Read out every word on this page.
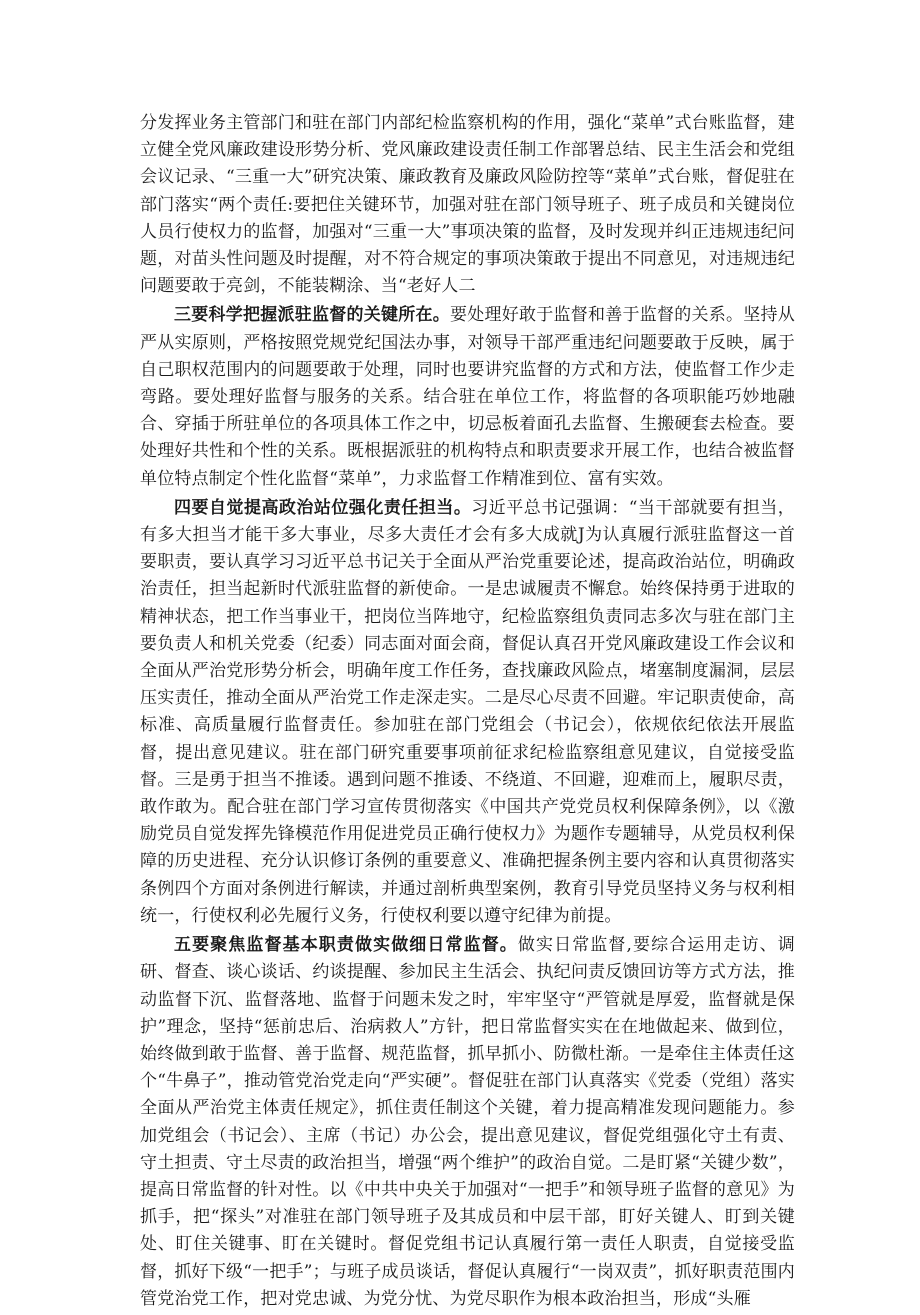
分发挥业务主管部门和驻在部门内部纪检监察机构的作用，强化“菜单”式台账监督，建立健全党风廉政建设形势分析、党风廉政建设责任制工作部署总结、民主生活会和党组会议记录、“三重一大”研究决策、廉政教育及廉政风险防控等“菜单”式台账，督促驻在部门落实“两个责任:要把住关键环节，加强对驻在部门领导班子、班子成员和关键岗位人员行使权力的监督，加强对“三重一大”事项决策的监督，及时发现并纠正违规违纪问题，对苗头性问题及时提醒，对不符合规定的事项决策敢于提出不同意见，对违规违纪问题要敢于亮剑，不能装糊涂、当“老好人二

三要科学把握派驻监督的关键所在。要处理好敢于监督和善于监督的关系。坚持从严从实原则，严格按照党规党纪国法办事，对领导干部严重违纪问题要敢于反映，属于自己职权范围内的问题要敢于处理，同时也要讲究监督的方式和方法，使监督工作少走弯路。要处理好监督与服务的关系。结合驻在单位工作，将监督的各项职能巧妙地融合、穿插于所驻单位的各项具体工作之中，切忌板着面孔去监督、生搬硬套去检查。要处理好共性和个性的关系。既根据派驻的机构特点和职责要求开展工作，也结合被监督单位特点制定个性化监督“菜单”，力求监督工作精准到位、富有实效。

四要自觉提高政治站位强化责任担当。习近平总书记强调：“当干部就要有担当，有多大担当才能干多大事业，尽多大责任才会有多大成就J为认真履行派驻监督这一首要职责，要认真学习习近平总书记关于全面从严治党重要论述，提高政治站位，明确政治责任，担当起新时代派驻监督的新使命。一是忠诚履责不懈怠。始终保持勇于进取的精神状态，把工作当事业干，把岗位当阵地守，纪检监察组负责同志多次与驻在部门主要负责人和机关党委（纪委）同志面对面会商，督促认真召开党风廉政建设工作会议和全面从严治党形势分析会，明确年度工作任务，查找廉政风险点，堵塞制度漏洞，层层压实责任，推动全面从严治党工作走深走实。二是尽心尽责不回避。牢记职责使命，高标准、高质量履行监督责任。参加驻在部门党组会（书记会），依规依纪依法开展监督，提出意见建议。驻在部门研究重要事项前征求纪检监察组意见建议，自觉接受监督。三是勇于担当不推诿。遇到问题不推诿、不绕道、不回避，迎难而上，履职尽责，敢作敢为。配合驻在部门学习宣传贯彻落实《中国共产党党员权利保障条例》，以《激励党员自觉发挥先锋模范作用促进党员正确行使权力》为题作专题辅导，从党员权利保障的历史进程、充分认识修订条例的重要意义、准确把握条例主要内容和认真贯彻落实条例四个方面对条例进行解读，并通过剖析典型案例，教育引导党员坚持义务与权利相统一，行使权利必先履行义务，行使权利要以遵守纪律为前提。

五要聚焦监督基本职责做实做细日常监督。做实日常监督,要综合运用走访、调研、督查、谈心谈话、约谈提醒、参加民主生活会、执纪问责反馈回访等方式方法，推动监督下沉、监督落地、监督于问题未发之时，牢牢坚守“严管就是厚爱，监督就是保护”理念，坚持“惩前忠后、治病救人”方针，把日常监督实实在在地做起来、做到位，始终做到敢于监督、善于监督、规范监督，抓早抓小、防微杜渐。一是牵住主体责任这个“牛鼻子”，推动管党治党走向“严实硬”。督促驻在部门认真落实《党委（党组）落实全面从严治党主体责任规定》，抓住责任制这个关键，着力提高精准发现问题能力。参加党组会（书记会）、主席（书记）办公会，提出意见建议，督促党组强化守土有责、守土担责、守土尽责的政治担当，增强“两个维护”的政治自觉。二是盯紧“关键少数”，提高日常监督的针对性。以《中共中央关于加强对“一把手”和领导班子监督的意见》为抓手，把“探头”对准驻在部门领导班子及其成员和中层干部，盯好关键人、盯到关键处、盯住关键事、盯在关键时。督促党组书记认真履行第一责任人职责，自觉接受监督，抓好下级“一把手”；与班子成员谈话，督促认真履行“一岗双责”，抓好职责范围内管党治党工作，把对党忠诚、为党分忧、为党尽职作为根本政治担当，形成“头雁
